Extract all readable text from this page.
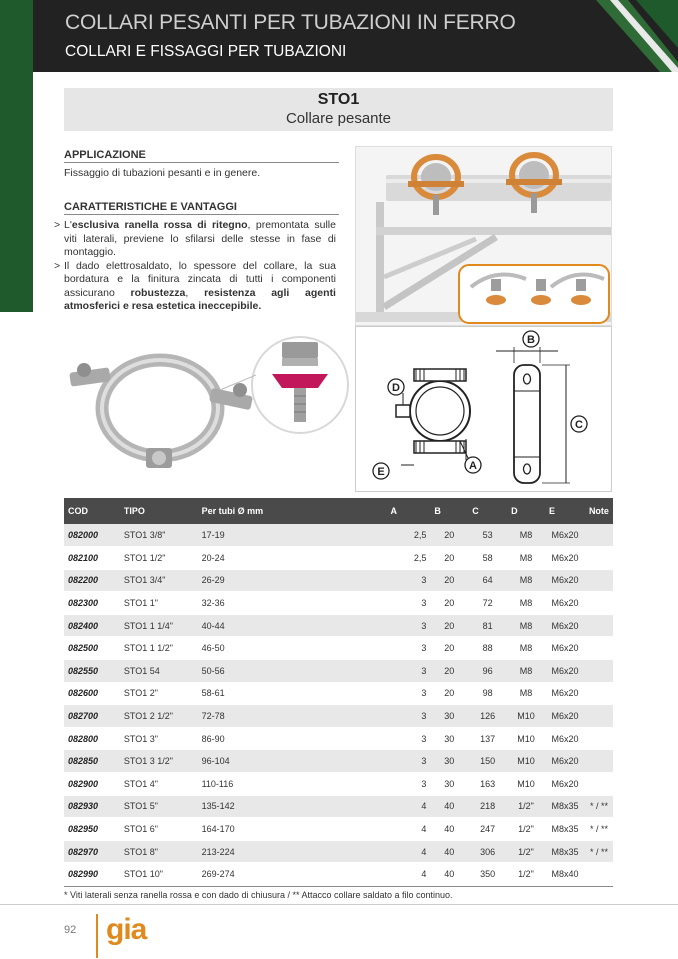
COLLARI PESANTI PER TUBAZIONI IN FERRO
COLLARI E FISSAGGI PER TUBAZIONI
STO1
Collare pesante
APPLICAZIONE
Fissaggio di tubazioni pesanti e in genere.
CARATTERISTICHE E VANTAGGI
> L'esclusiva ranella rossa di ritegno, premontata sulle viti laterali, previene lo sfilarsi delle stesse in fase di montaggio.
> Il dado elettrosaldato, lo spessore del collare, la sua bordatura e la finitura zincata di tutti i componenti assicurano robustezza, resistenza agli agenti atmosferici e resa estetica ineccepibile.
D
E	A
B
C
COD	TIPO	Per tubi Ø mm	A	B	C	D	E	Note
082000	STO1 3/8"	17-19	2,5	20	53	M8	M6x20	
082100	STO1 1/2"	20-24	2,5	20	58	M8	M6x20	
082200	STO1 3/4"	26-29	3	20	64	M8	M6x20	
082300	STO1 1"	32-36	3	20	72	M8	M6x20	
082400	STO1 1 1/4"	40-44	3	20	81	M8	M6x20	
082500	STO1 1 1/2"	46-50	3	20	88	M8	M6x20	
082550	STO1 54	50-56	3	20	96	M8	M6x20	
082600	STO1 2"	58-61	3	20	98	M8	M6x20	
082700	STO1 2 1/2"	72-78	3	30	126	M10	M6x20	
082800	STO1 3"	86-90	3	30	137	M10	M6x20	
082850	STO1 3 1/2"	96-104	3	30	150	M10	M6x20	
082900	STO1 4"	110-116	3	30	163	M10	M6x20	
082930	STO1 5"	135-142	4	40	218	1/2"	M8x35	* / **
082950	STO1 6"	164-170	4	40	247	1/2"	M8x35	* / **
082970	STO1 8"	213-224	4	40	306	1/2"	M8x35	* / **
082990	STO1 10"	269-274	4	40	350	1/2"	M8x40	
* Viti laterali senza ranella rossa e con dado di chiusura / ** Attacco collare saldato a filo continuo.
92 gia
